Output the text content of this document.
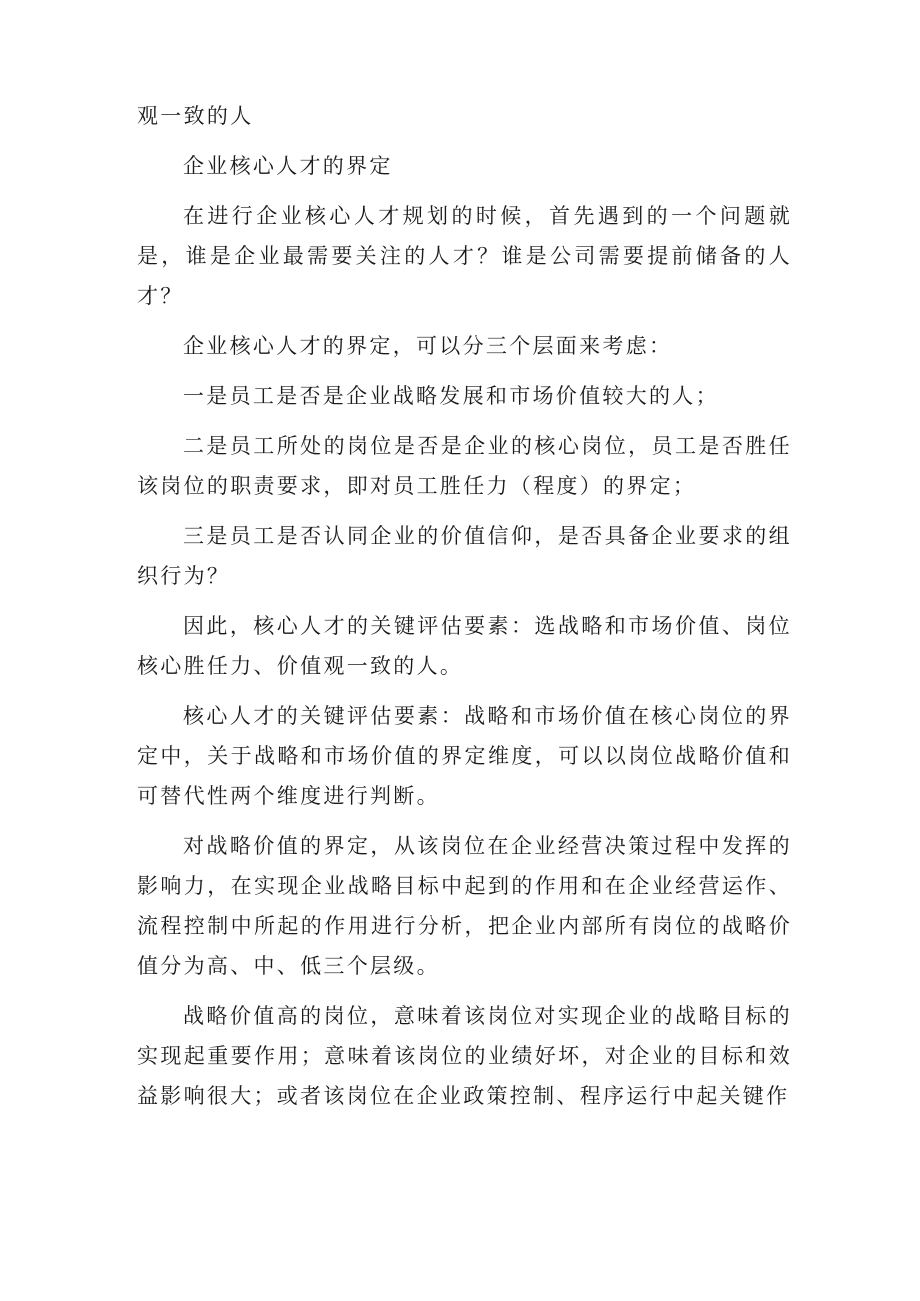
观一致的人

企业核心人才的界定

在进行企业核心人才规划的时候，首先遇到的一个问题就是，谁是企业最需要关注的人才？谁是公司需要提前储备的人才？

企业核心人才的界定，可以分三个层面来考虑：

一是员工是否是企业战略发展和市场价值较大的人；

二是员工所处的岗位是否是企业的核心岗位，员工是否胜任该岗位的职责要求，即对员工胜任力（程度）的界定；

三是员工是否认同企业的价值信仰，是否具备企业要求的组织行为？

因此，核心人才的关键评估要素：选战略和市场价值、岗位核心胜任力、价值观一致的人。

核心人才的关键评估要素：战略和市场价值在核心岗位的界定中，关于战略和市场价值的界定维度，可以以岗位战略价值和可替代性两个维度进行判断。

对战略价值的界定，从该岗位在企业经营决策过程中发挥的影响力，在实现企业战略目标中起到的作用和在企业经营运作、流程控制中所起的作用进行分析，把企业内部所有岗位的战略价值分为高、中、低三个层级。

战略价值高的岗位，意味着该岗位对实现企业的战略目标的实现起重要作用；意味着该岗位的业绩好坏，对企业的目标和效益影响很大；或者该岗位在企业政策控制、程序运行中起关键作
